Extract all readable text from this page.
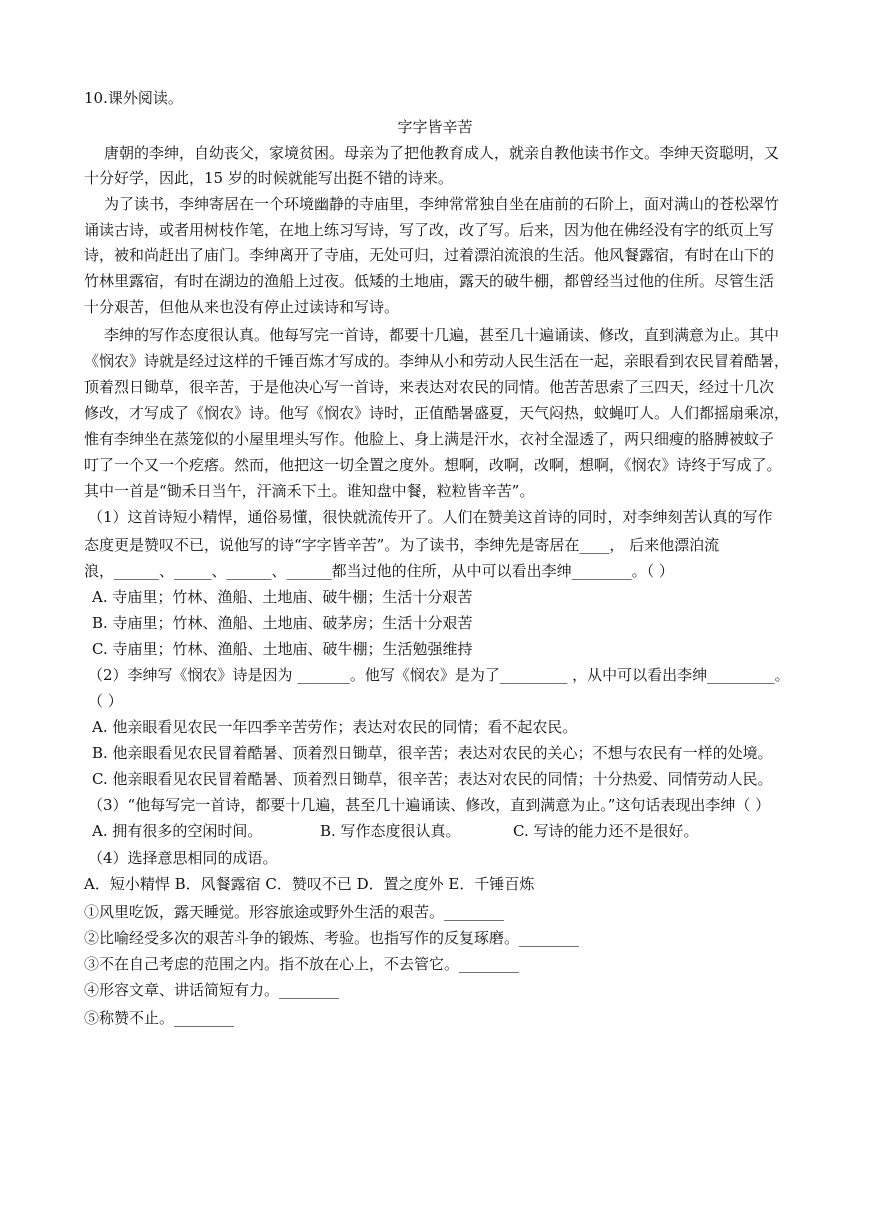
10.课外阅读。
字字皆辛苦
唐朝的李绅，自幼丧父，家境贫困。母亲为了把他教育成人，就亲自教他读书作文。李绅天资聪明，又
十分好学，因此，15 岁的时候就能写出挺不错的诗来。
为了读书，李绅寄居在一个环境幽静的寺庙里，李绅常常独自坐在庙前的石阶上，面对满山的苍松翠竹
诵读古诗，或者用树枝作笔，在地上练习写诗，写了改，改了写。后来，因为他在佛经没有字的纸页上写
诗，被和尚赶出了庙门。李绅离开了寺庙，无处可归，过着漂泊流浪的生活。他风餐露宿，有时在山下的
竹林里露宿，有时在湖边的渔船上过夜。低矮的土地庙，露天的破牛棚，都曾经当过他的住所。尽管生活
十分艰苦，但他从来也没有停止过读诗和写诗。
李绅的写作态度很认真。他每写完一首诗，都要十几遍，甚至几十遍诵读、修改，直到满意为止。其中
《悯农》诗就是经过这样的千锤百炼才写成的。李绅从小和劳动人民生活在一起，亲眼看到农民冒着酷暑，
顶着烈日锄草，很辛苦，于是他决心写一首诗，来表达对农民的同情。他苦苦思索了三四天，经过十几次
修改，才写成了《悯农》诗。他写《悯农》诗时，正值酷暑盛夏，天气闷热，蚊蝇叮人。人们都摇扇乘凉，
惟有李绅坐在蒸笼似的小屋里埋头写作。他脸上、身上满是汗水，衣衬全湿透了，两只细瘦的胳膊被蚊子
叮了一个又一个疙瘩。然而，他把这一切全置之度外。想啊，改啊，改啊，想啊，《悯农》诗终于写成了。
其中一首是“锄禾日当午，汗滴禾下土。谁知盘中餐，粒粒皆辛苦”。
（1）这首诗短小精悍，通俗易懂，很快就流传开了。人们在赞美这首诗的同时，对李绅刻苦认真的写作
态度更是赞叹不已，说他写的诗“字字皆辛苦”。为了读书，李绅先是寄居在____， 后来他漂泊流
浪，______、_____、______、______都当过他的住所，从中可以看出李绅________。（ ）
A. 寺庙里；竹林、渔船、土地庙、破牛棚；生活十分艰苦
B. 寺庙里；竹林、渔船、土地庙、破茅房；生活十分艰苦
C. 寺庙里；竹林、渔船、土地庙、破牛棚；生活勉强维持
（2）李绅写《悯农》诗是因为 _______。他写《悯农》是为了_________ ，从中可以看出李绅_________。
（ ）
A. 他亲眼看见农民一年四季辛苦劳作；表达对农民的同情；看不起农民。
B. 他亲眼看见农民冒着酷暑、顶着烈日锄草，很辛苦；表达对农民的关心；不想与农民有一样的处境。
C. 他亲眼看见农民冒着酷暑、顶着烈日锄草，很辛苦；表达对农民的同情；十分热爱、同情劳动人民。
（3）“他每写完一首诗，都要十几遍，甚至几十遍诵读、修改，直到满意为止。”这句话表现出李绅（ ）
A. 拥有很多的空闲时间。	B. 写作态度很认真。	C. 写诗的能力还不是很好。
（4）选择意思相同的成语。
A．短小精悍 B．风餐露宿 C．赞叹不已 D．置之度外 E．千锤百炼
①风里吃饭，露天睡觉。形容旅途或野外生活的艰苦。________
②比喻经受多次的艰苦斗争的锻炼、考验。也指写作的反复琢磨。________
③不在自己考虑的范围之内。指不放在心上，不去管它。________
④形容文章、讲话简短有力。________
⑤称赞不止。________
